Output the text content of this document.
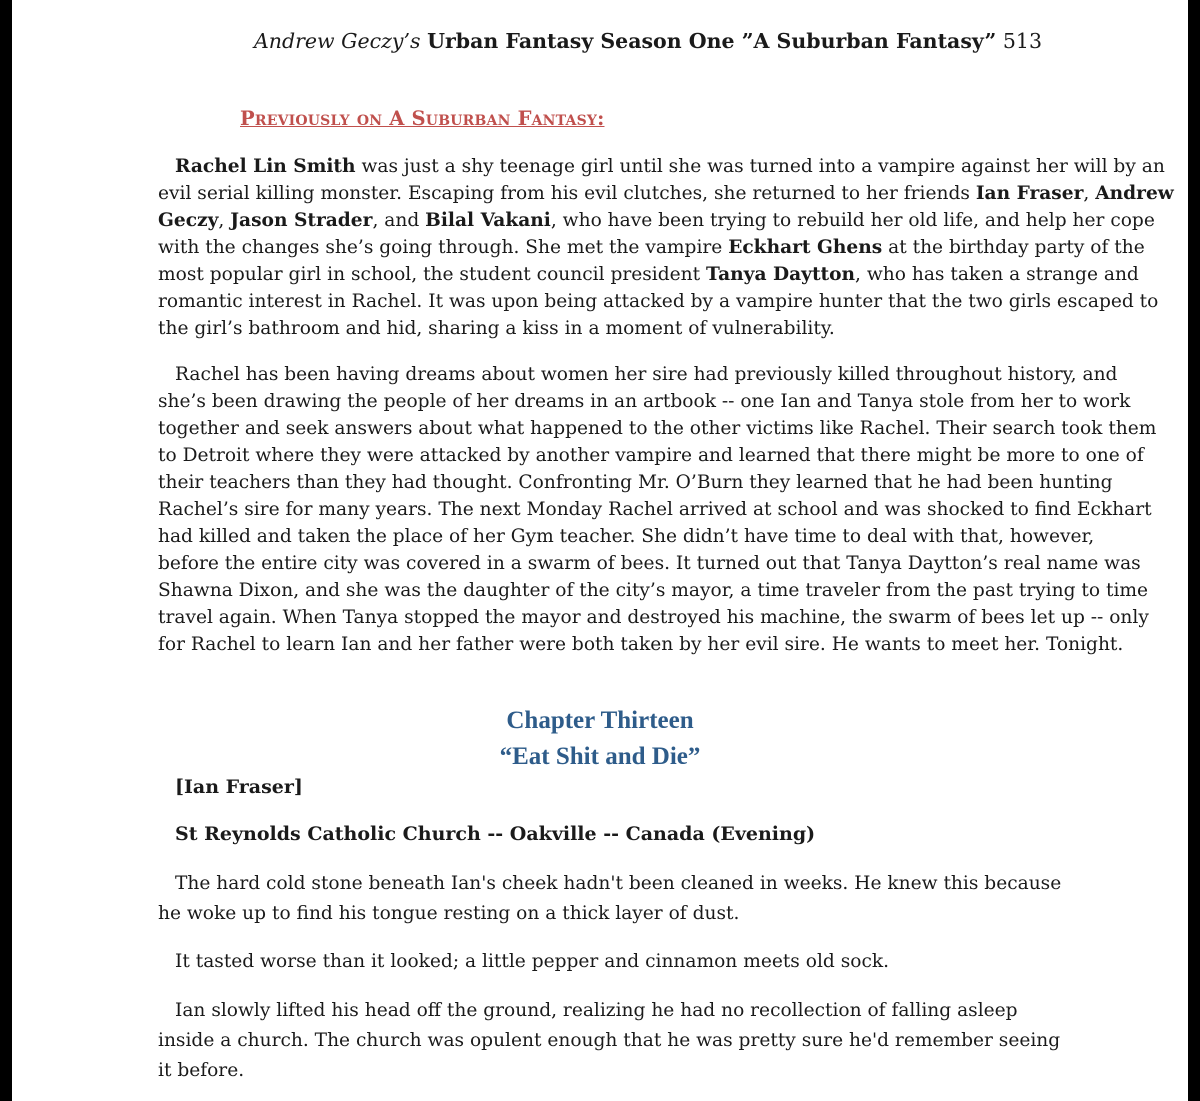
Andrew Geczy’s Urban Fantasy Season One ”A Suburban Fantasy” 513
Previously on A Suburban Fantasy:
Rachel Lin Smith was just a shy teenage girl until she was turned into a vampire against her will by an
evil serial killing monster. Escaping from his evil clutches, she returned to her friends Ian Fraser, Andrew
Geczy, Jason Strader, and Bilal Vakani, who have been trying to rebuild her old life, and help her cope
with the changes she’s going through. She met the vampire Eckhart Ghens at the birthday party of the
most popular girl in school, the student council president Tanya Daytton, who has taken a strange and
romantic interest in Rachel. It was upon being attacked by a vampire hunter that the two girls escaped to
the girl’s bathroom and hid, sharing a kiss in a moment of vulnerability.
Rachel has been having dreams about women her sire had previously killed throughout history, and
she’s been drawing the people of her dreams in an artbook -- one Ian and Tanya stole from her to work
together and seek answers about what happened to the other victims like Rachel. Their search took them
to Detroit where they were attacked by another vampire and learned that there might be more to one of
their teachers than they had thought. Confronting Mr. O’Burn they learned that he had been hunting
Rachel’s sire for many years. The next Monday Rachel arrived at school and was shocked to find Eckhart
had killed and taken the place of her Gym teacher. She didn’t have time to deal with that, however,
before the entire city was covered in a swarm of bees. It turned out that Tanya Daytton’s real name was
Shawna Dixon, and she was the daughter of the city’s mayor, a time traveler from the past trying to time
travel again. When Tanya stopped the mayor and destroyed his machine, the swarm of bees let up -- only
for Rachel to learn Ian and her father were both taken by her evil sire. He wants to meet her. Tonight.
Chapter Thirteen
“Eat Shit and Die”
[Ian Fraser]
St Reynolds Catholic Church -- Oakville -- Canada (Evening)
The hard cold stone beneath Ian's cheek hadn't been cleaned in weeks. He knew this because
he woke up to find his tongue resting on a thick layer of dust.
It tasted worse than it looked; a little pepper and cinnamon meets old sock.
Ian slowly lifted his head off the ground, realizing he had no recollection of falling asleep
inside a church. The church was opulent enough that he was pretty sure he'd remember seeing
it before.
